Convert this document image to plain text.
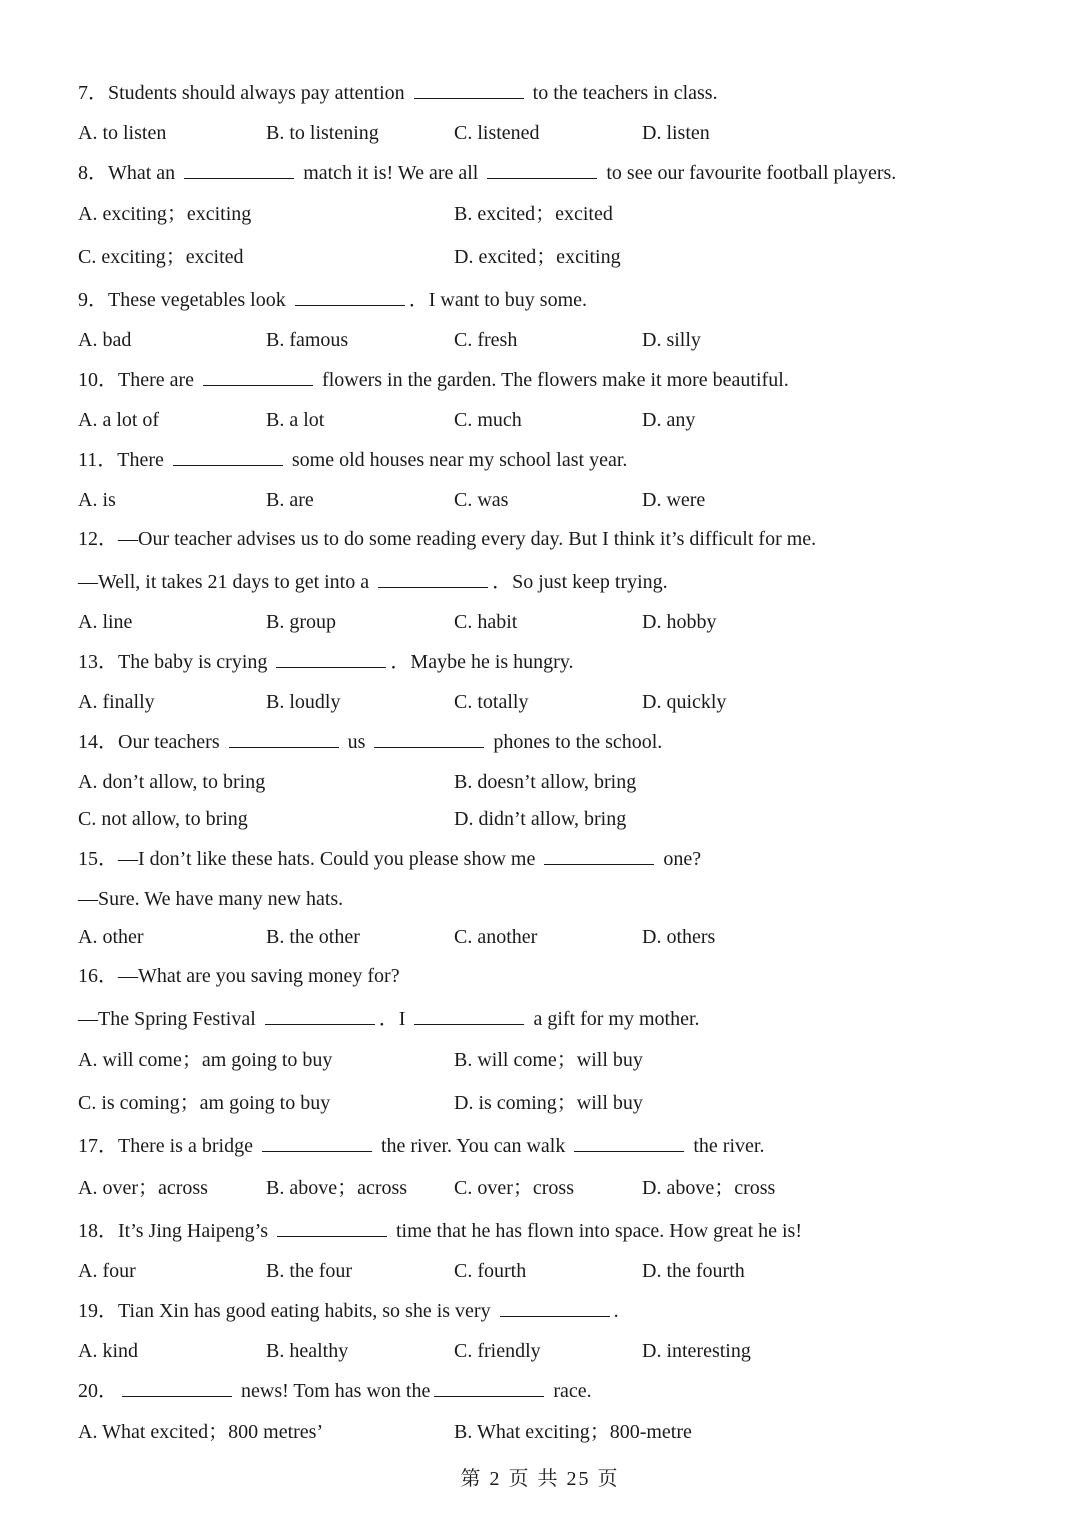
7．Students should always pay attention	to the teachers in class.
A. to listen	B. to listening	C. listened	D. listen
8．What an	match it is! We are all	to see our favourite football players.
A. exciting；exciting	B. excited；excited
C. exciting；excited	D. excited；exciting
9．These vegetables look	．I want to buy some.
A. bad	B. famous	C. fresh	D. silly
10．There are	flowers in the garden. The flowers make it more beautiful.
A. a lot of	B. a lot	C. much	D. any
11．There	some old houses near my school last year.
A. is	B. are	C. was	D. were
12．—Our teacher advises us to do some reading every day. But I think it’s difficult for me.
—Well, it takes 21 days to get into a	．So just keep trying.
A. line	B. group	C. habit	D. hobby
13．The baby is crying	．Maybe he is hungry.
A. finally	B. loudly	C. totally	D. quickly
14．Our teachers	us	phones to the school.
A. don’t allow, to bring	B. doesn’t allow, bring
C. not allow, to bring	D. didn’t allow, bring
15．—I don’t like these hats. Could you please show me	one?
—Sure. We have many new hats.
A. other	B. the other	C. another	D. others
16．—What are you saving money for?
—The Spring Festival	．I	a gift for my mother.
A. will come；am going to buy	B. will come；will buy
C. is coming；am going to buy	D. is coming；will buy
17．There is a bridge	the river. You can walk	the river.
A. over；across	B. above；across C. over；cross	D. above；cross
18．It’s Jing Haipeng’s	time that he has flown into space. How great he is!
A. four	B. the four	C. fourth	D. the fourth
19．Tian Xin has good eating habits, so she is very	.
A. kind	B. healthy	C. friendly	D. interesting
20．	news! Tom has won the	race.
A. What excited；800 metres’	B. What exciting；800-metre
第 2 页 共 25 页
